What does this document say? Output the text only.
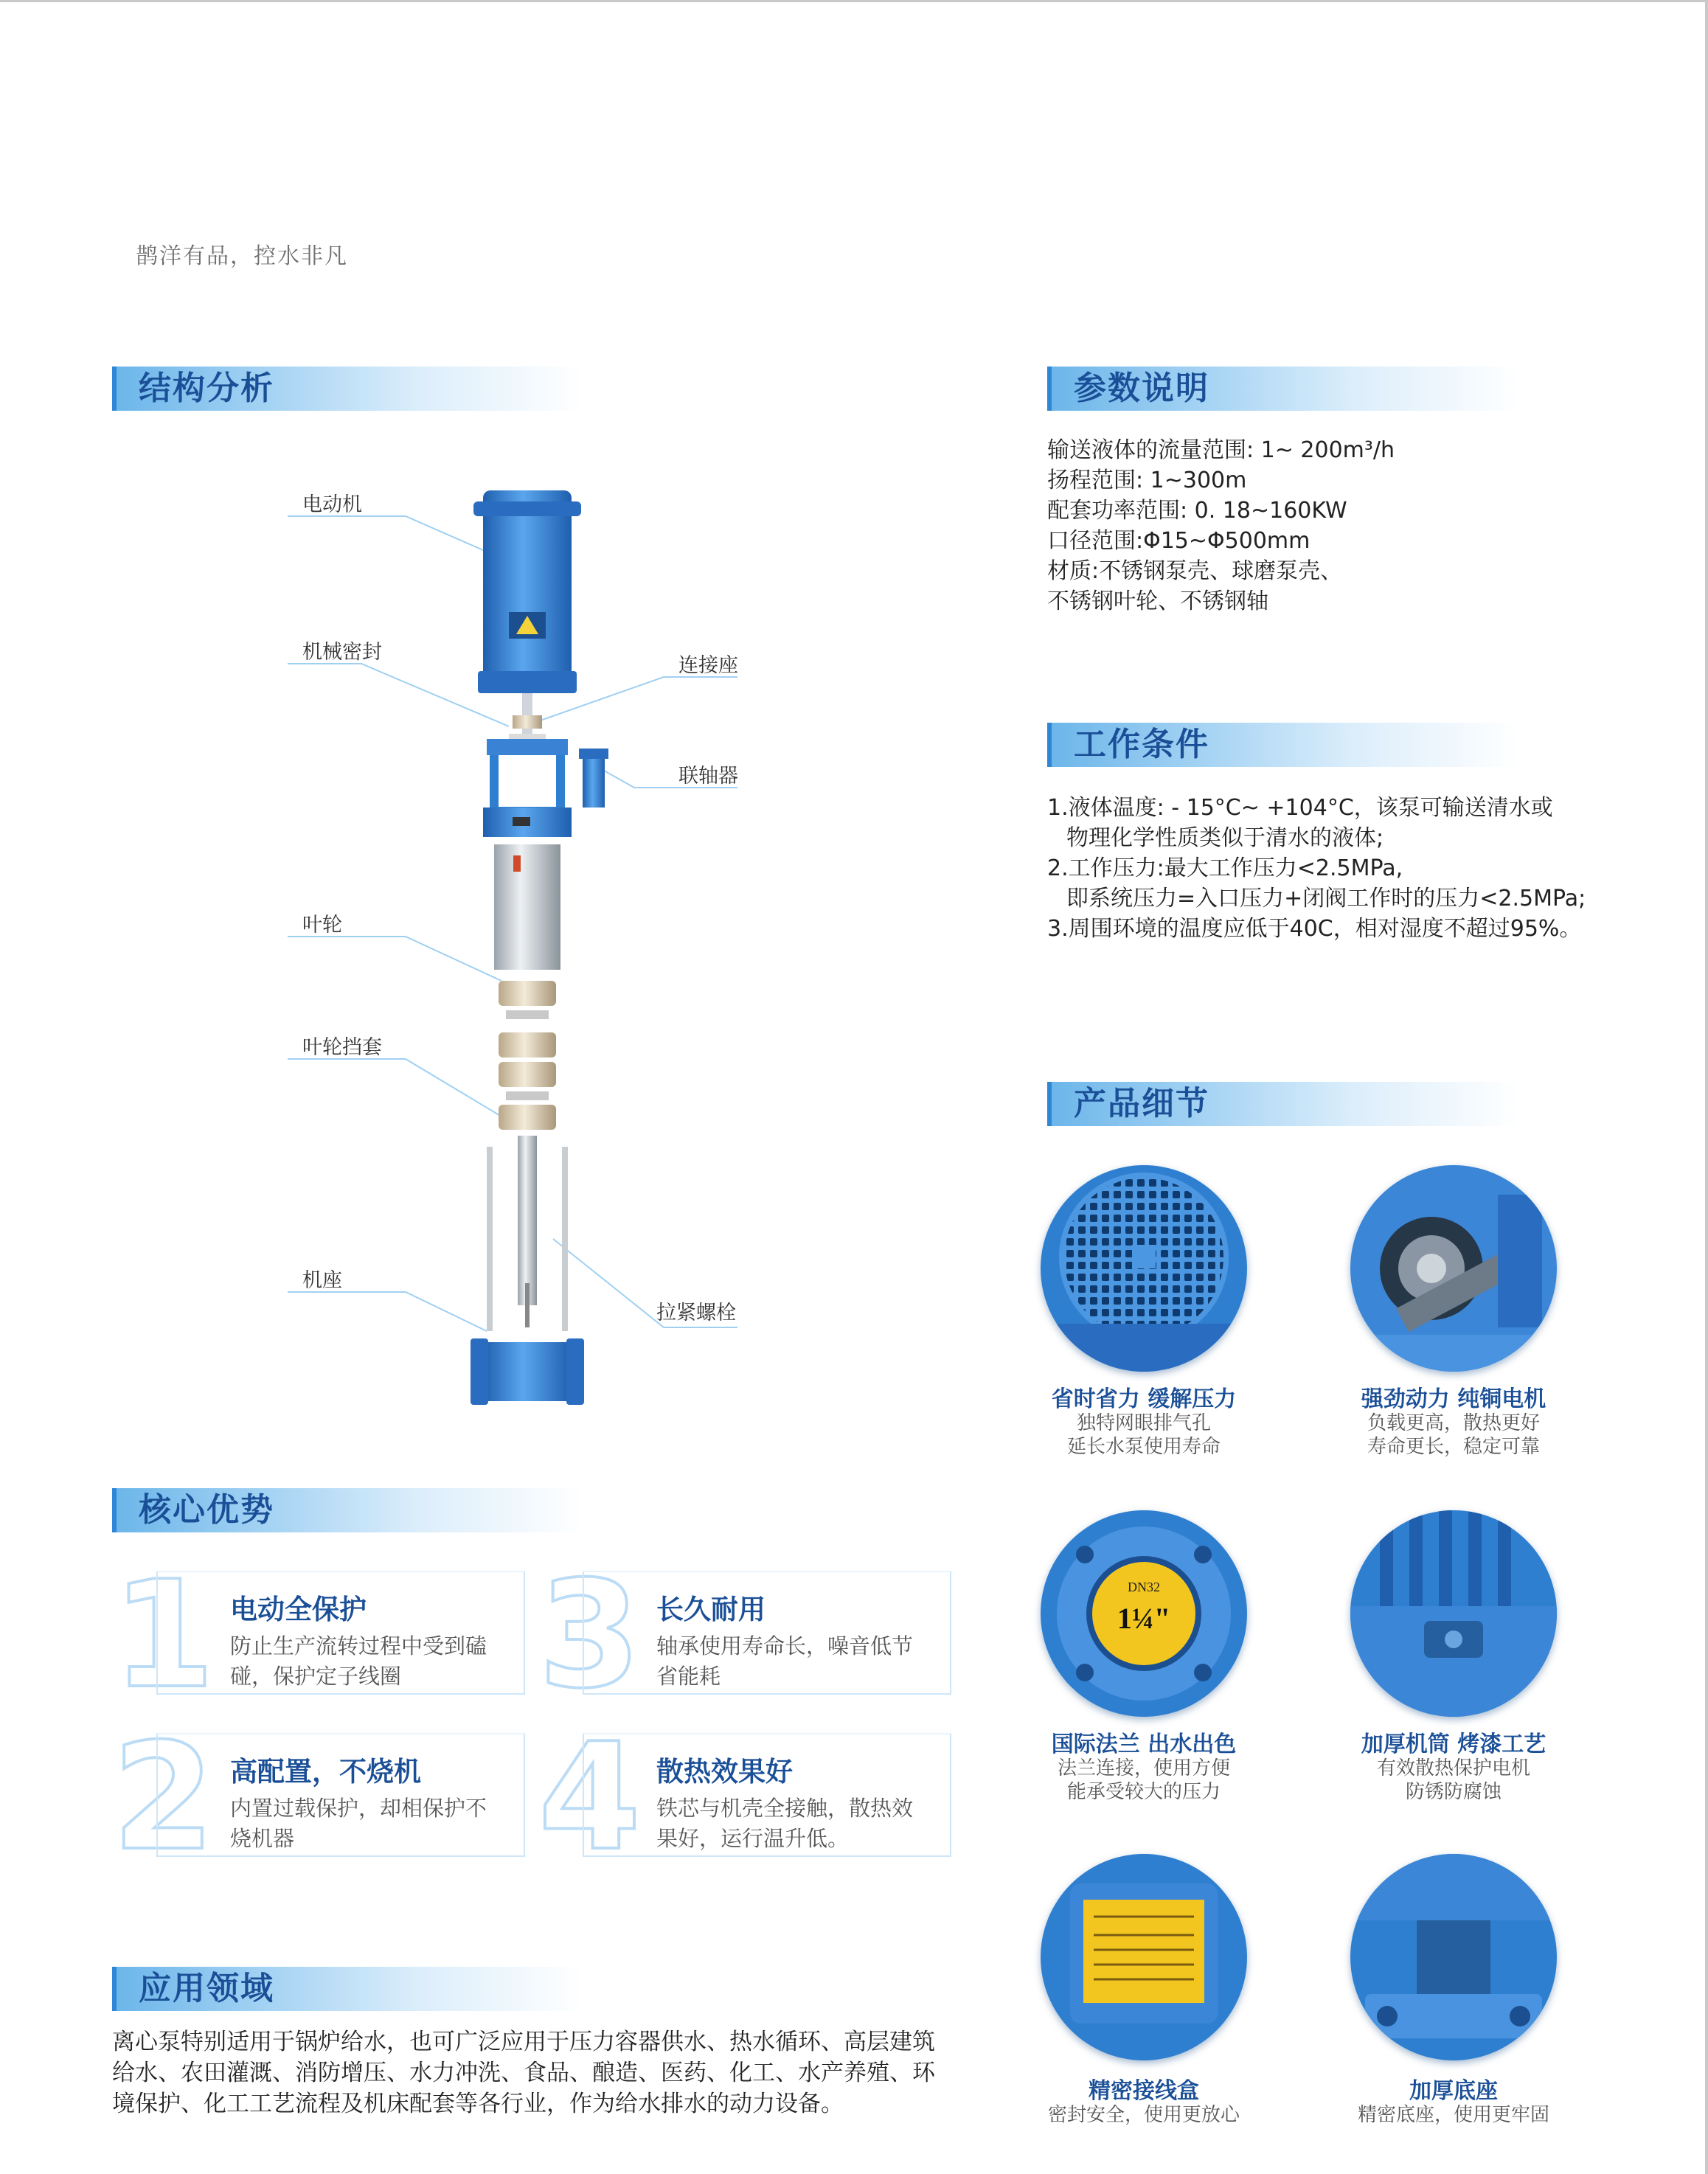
鹊洋有品，控水非凡
结构分析	参数说明
工作条件
产品细节
核心优势
应用领域
电动机
机械密封
连接座
联轴器
叶轮
叶轮挡套
机座
拉紧螺栓
输送液体的流量范围: 1~ 200m³/h
扬程范围: 1~300m
配套功率范围: 0. 18~160KW
口径范围:Φ15~Φ500mm
材质:不锈钢泵壳、球磨泵壳、
不锈钢叶轮、不锈钢轴
1.液体温度: - 15°C~ +104°C，该泵可输送清水或
物理化学性质类似于清水的液体;
2.工作压力:最大工作压力<2.5MPa,
即系统压力=入口压力+闭阀工作时的压力<2.5MPa;
3.周围环境的温度应低于40C，相对湿度不超过95%。
1 电动全保护
防止生产流转过程中受到磕碰，保护定子线圈 3 长久耐用
轴承使用寿命长，噪音低节省能耗
2 高配置，不烧机
内置过载保护，却相保护不烧机器	4 散热效果好
铁芯与机壳全接触，散热效果好，运行温升低。
离心泵特别适用于锅炉给水，也可广泛应用于压力容器供水、热水循环、高层建筑给水、农田灌溉、消防增压、水力冲洗、食品、酿造、医药、化工、水产养殖、环境保护、化工工艺流程及机床配套等各行业，作为给水排水的动力设备。
省时省力 缓解压力
独特网眼排气孔
延长水泵使用寿命
强劲动力 纯铜电机
负载更高，散热更好
寿命更长，稳定可靠
DN32
1¼"
国际法兰 出水出色
法兰连接，使用方便
能承受较大的压力
加厚机筒 烤漆工艺
有效散热保护电机
防锈防腐蚀
精密接线盒
密封安全，使用更放心
加厚底座
精密底座，使用更牢固
